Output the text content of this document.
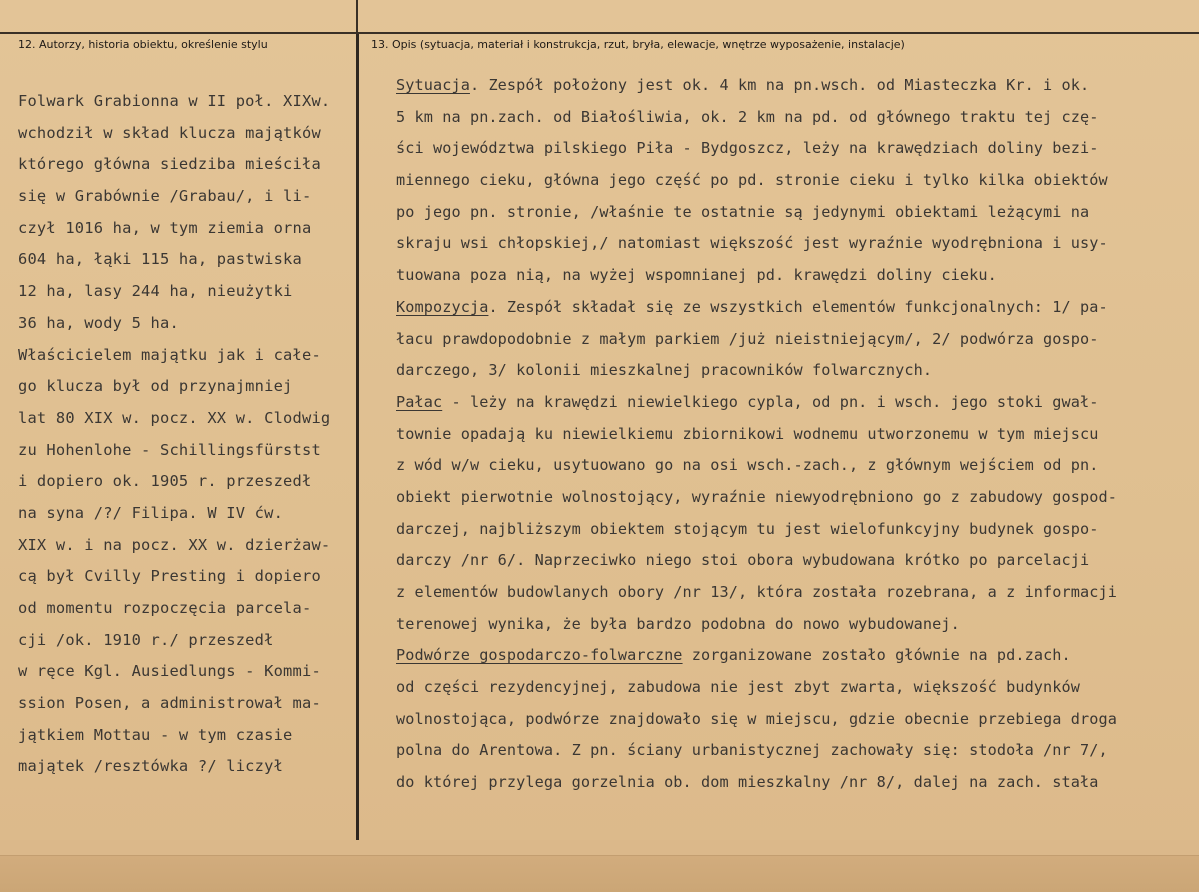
12. Autorzy, historia obiektu, określenie stylu	13. Opis (sytuacja, materiał i konstrukcja, rzut, bryła, elewacje, wnętrze wyposażenie, instalacje)
Folwark Grabionna w II poł. XIXw.
wchodził w skład klucza majątków
którego główna siedziba mieściła
się w Grabównie /Grabau/, i li-
czył 1016 ha, w tym ziemia orna
604 ha, łąki 115 ha, pastwiska
12 ha, lasy 244 ha, nieużytki
36 ha, wody 5 ha.
Właścicielem majątku jak i całe-
go klucza był od przynajmniej
lat 80 XIX w. pocz. XX w. Clodwig
zu Hohenlohe - Schillingsfürstst
i dopiero ok. 1905 r. przeszedł
na syna /?/ Filipa. W IV ćw.
XIX w. i na pocz. XX w. dzierżaw-
cą był Cvilly Presting i dopiero
od momentu rozpoczęcia parcela-
cji /ok. 1910 r./ przeszedł
w ręce Kgl. Ausiedlungs - Kommi-
ssion Posen, a administrował ma-
jątkiem Mottau - w tym czasie
majątek /resztówka ?/ liczył
Sytuacja. Zespół położony jest ok. 4 km na pn.wsch. od Miasteczka Kr. i ok.
5 km na pn.zach. od Białośliwia, ok. 2 km na pd. od głównego traktu tej czę-
ści województwa pilskiego Piła - Bydgoszcz, leży na krawędziach doliny bezi-
miennego cieku, główna jego część po pd. stronie cieku i tylko kilka obiektów
po jego pn. stronie, /właśnie te ostatnie są jedynymi obiektami leżącymi na
skraju wsi chłopskiej,/ natomiast większość jest wyraźnie wyodrębniona i usy-
tuowana poza nią, na wyżej wspomnianej pd. krawędzi doliny cieku.
Kompozycja. Zespół składał się ze wszystkich elementów funkcjonalnych: 1/ pa-
łacu prawdopodobnie z małym parkiem /już nieistniejącym/, 2/ podwórza gospo-
darczego, 3/ kolonii mieszkalnej pracowników folwarcznych.
Pałac - leży na krawędzi niewielkiego cypla, od pn. i wsch. jego stoki gwał-
townie opadają ku niewielkiemu zbiornikowi wodnemu utworzonemu w tym miejscu
z wód w/w cieku, usytuowano go na osi wsch.-zach., z głównym wejściem od pn.
obiekt pierwotnie wolnostojący, wyraźnie niewyodrębniono go z zabudowy gospod-
darczej, najbliższym obiektem stojącym tu jest wielofunkcyjny budynek gospo-
darczy /nr 6/. Naprzeciwko niego stoi obora wybudowana krótko po parcelacji
z elementów budowlanych obory /nr 13/, która została rozebrana, a z informacji
terenowej wynika, że była bardzo podobna do nowo wybudowanej.
Podwórze gospodarczo-folwarczne zorganizowane zostało głównie na pd.zach.
od części rezydencyjnej, zabudowa nie jest zbyt zwarta, większość budynków
wolnostojąca, podwórze znajdowało się w miejscu, gdzie obecnie przebiega droga
polna do Arentowa. Z pn. ściany urbanistycznej zachowały się: stodoła /nr 7/,
do której przylega gorzelnia ob. dom mieszkalny /nr 8/, dalej na zach. stała
